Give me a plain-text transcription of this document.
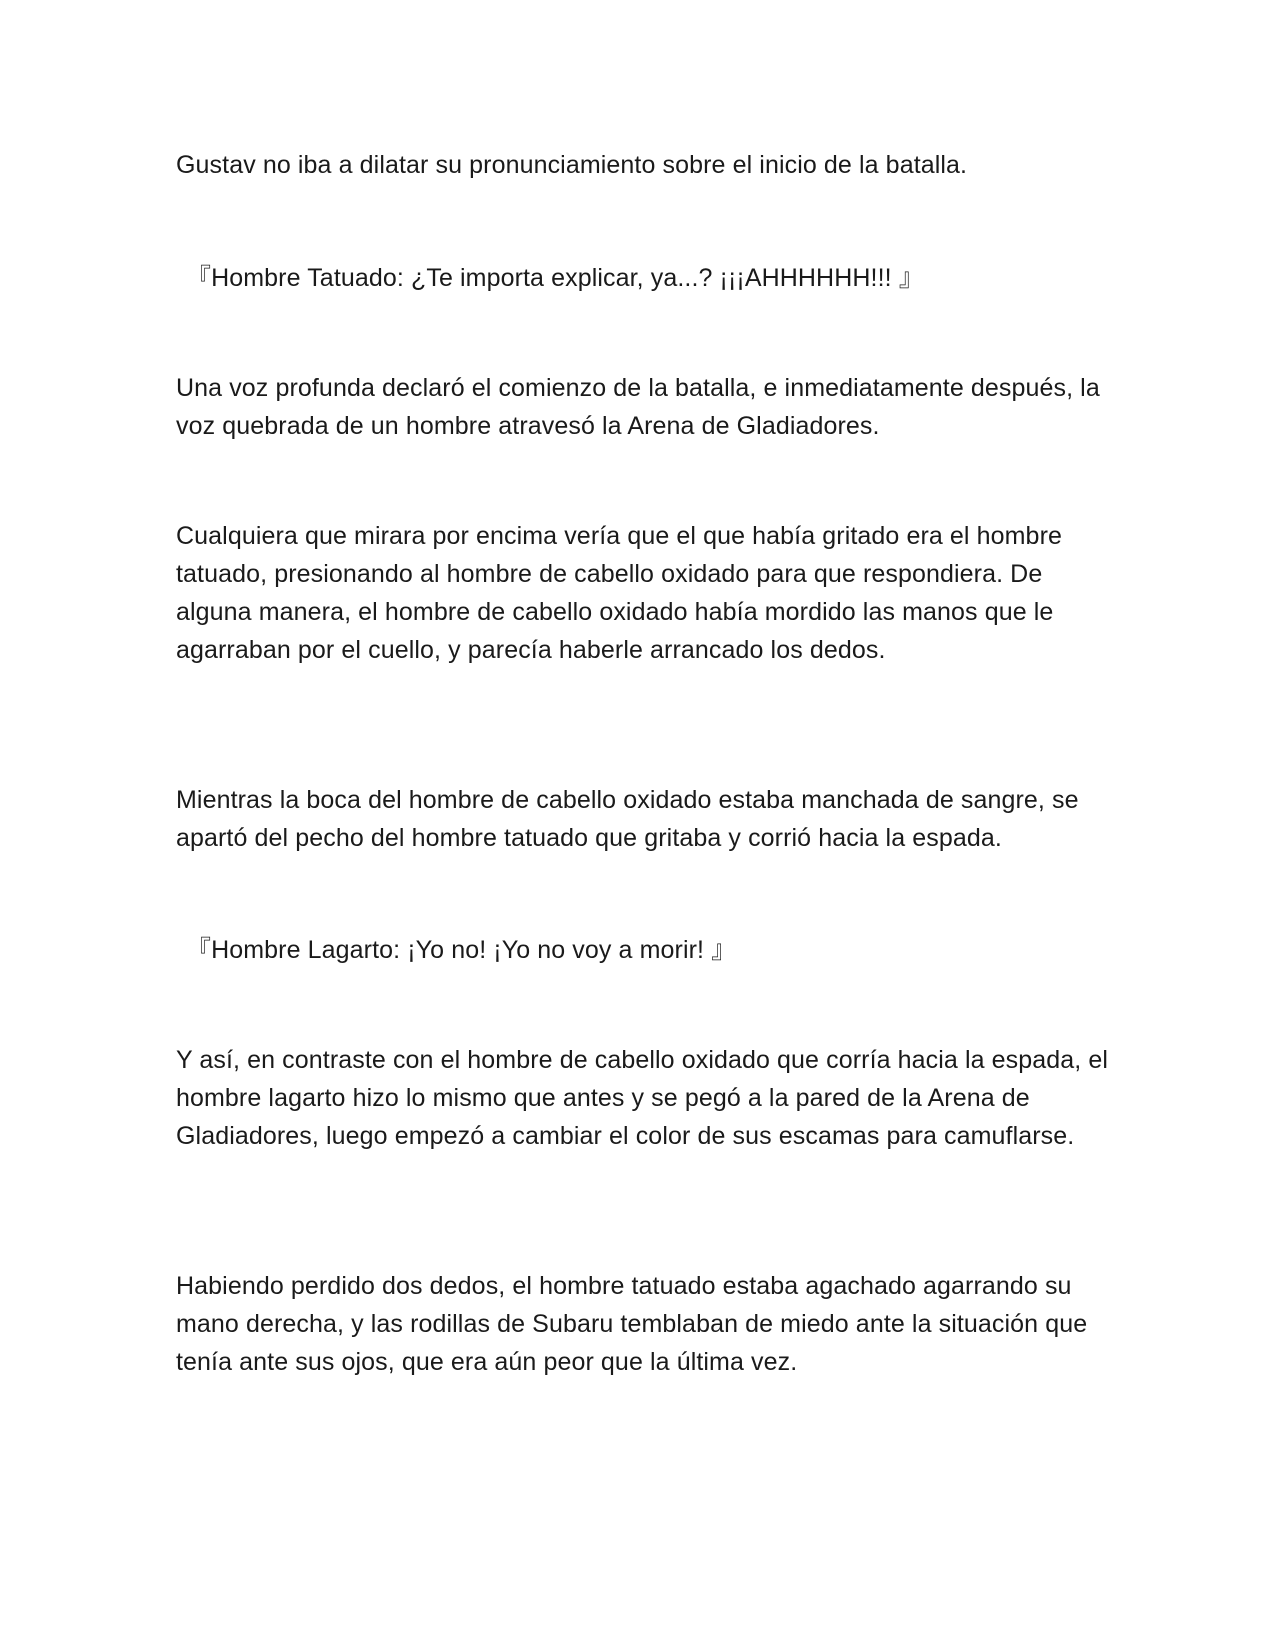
Gustav no iba a dilatar su pronunciamiento sobre el inicio de la batalla.

『Hombre Tatuado: ¿Te importa explicar, ya...? ¡¡¡AHHHHHH!!! 』

Una voz profunda declaró el comienzo de la batalla, e inmediatamente después, la voz quebrada de un hombre atravesó la Arena de Gladiadores.

Cualquiera que mirara por encima vería que el que había gritado era el hombre tatuado, presionando al hombre de cabello oxidado para que respondiera. De alguna manera, el hombre de cabello oxidado había mordido las manos que le agarraban por el cuello, y parecía haberle arrancado los dedos.

Mientras la boca del hombre de cabello oxidado estaba manchada de sangre, se apartó del pecho del hombre tatuado que gritaba y corrió hacia la espada.

『Hombre Lagarto: ¡Yo no! ¡Yo no voy a morir! 』

Y así, en contraste con el hombre de cabello oxidado que corría hacia la espada, el hombre lagarto hizo lo mismo que antes y se pegó a la pared de la Arena de Gladiadores, luego empezó a cambiar el color de sus escamas para camuflarse.

Habiendo perdido dos dedos, el hombre tatuado estaba agachado agarrando su mano derecha, y las rodillas de Subaru temblaban de miedo ante la situación que tenía ante sus ojos, que era aún peor que la última vez.
